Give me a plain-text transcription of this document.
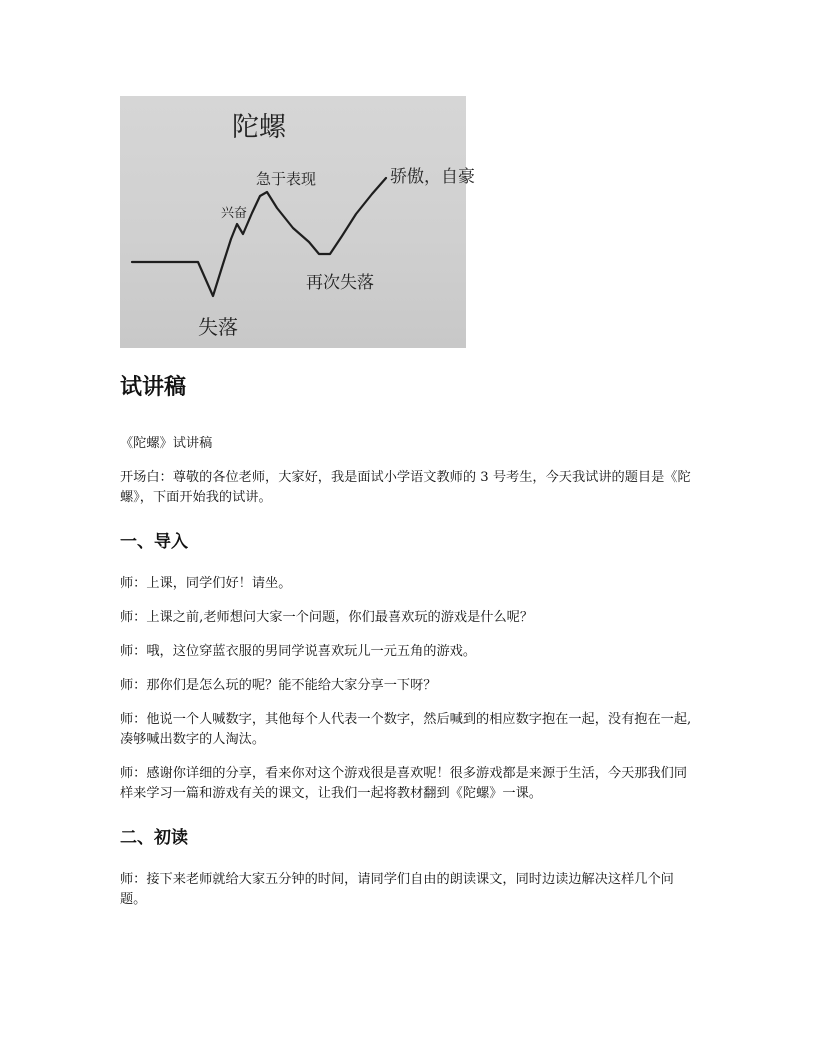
陀螺
失落
兴奋
急于表现
再次失落
骄傲，自豪
试讲稿
《陀螺》试讲稿
开场白：尊敬的各位老师，大家好，我是面试小学语文教师的 3 号考生，今天我试讲的题目是《陀螺》，下面开始我的试讲。
一、导入
师：上课，同学们好！请坐。
师：上课之前,老师想问大家一个问题，你们最喜欢玩的游戏是什么呢？
师：哦，这位穿蓝衣服的男同学说喜欢玩儿一元五角的游戏。
师：那你们是怎么玩的呢？能不能给大家分享一下呀？
师：他说一个人喊数字，其他每个人代表一个数字，然后喊到的相应数字抱在一起，没有抱在一起,凑够喊出数字的人淘汰。
师：感谢你详细的分享，看来你对这个游戏很是喜欢呢！很多游戏都是来源于生活，今天那我们同样来学习一篇和游戏有关的课文，让我们一起将教材翻到《陀螺》一课。
二、初读
师：接下来老师就给大家五分钟的时间，请同学们自由的朗读课文，同时边读边解决这样几个问题。
